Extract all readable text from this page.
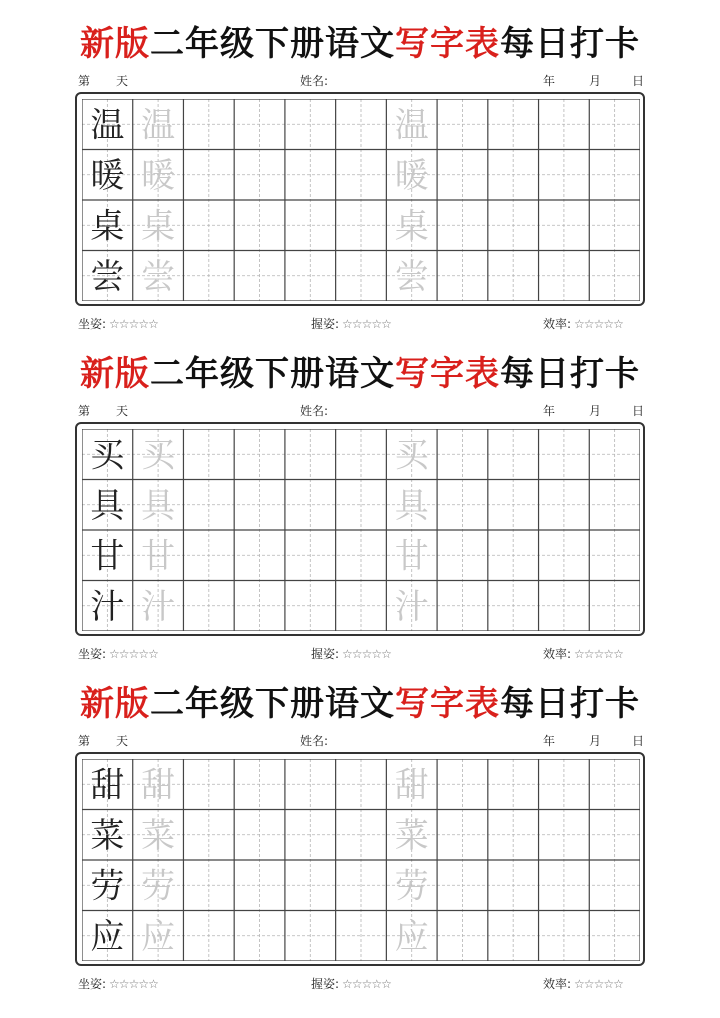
新版二年级下册语文写字表每日打卡
第 天	姓名:	年	月	日
坐姿: ☆☆☆☆☆	握姿: ☆☆☆☆☆	效率: ☆☆☆☆☆
新版二年级下册语文写字表每日打卡
第 天	姓名:	年	月	日
坐姿: ☆☆☆☆☆	握姿: ☆☆☆☆☆	效率: ☆☆☆☆☆
新版二年级下册语文写字表每日打卡
第 天	姓名:	年	月	日
坐姿: ☆☆☆☆☆	握姿: ☆☆☆☆☆	效率: ☆☆☆☆☆
